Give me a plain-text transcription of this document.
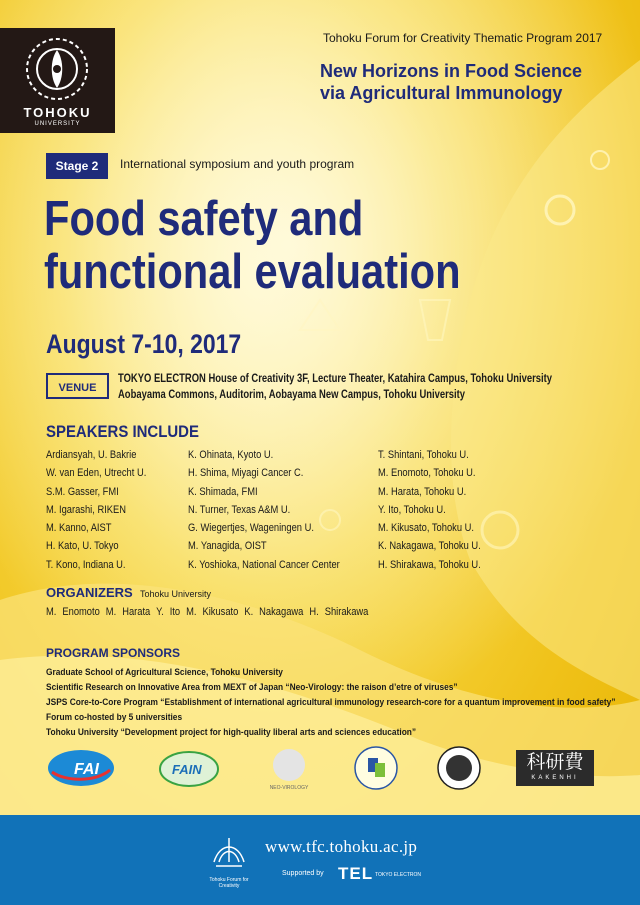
TOHOKU
UNIVERSITY
Tohoku Forum for Creativity Thematic Program 2017
New Horizons in Food Science
via Agricultural Immunology
Stage 2	International symposium and youth program
Food safety and
functional evaluation
August 7-10, 2017
VENUE
TOKYO ELECTRON House of Creativity 3F, Lecture Theater, Katahira Campus, Tohoku University
Aobayama Commons, Auditorim, Aobayama New Campus, Tohoku University
SPEAKERS INCLUDE
Ardiansyah, U. Bakrie
W. van Eden, Utrecht U.
S.M. Gasser, FMI
M. Igarashi, RIKEN
M. Kanno, AIST
H. Kato, U. Tokyo
T. Kono, Indiana U.
K. Ohinata, Kyoto U.
H. Shima, Miyagi Cancer C.
K. Shimada, FMI
N. Turner, Texas A&M U.
G. Wiegertjes, Wageningen U.
M. Yanagida, OIST
K. Yoshioka, National Cancer Center
T. Shintani, Tohoku U.
M. Enomoto, Tohoku U.
M. Harata, Tohoku U.
Y. Ito, Tohoku U.
M. Kikusato, Tohoku U.
K. Nakagawa, Tohoku U.
H. Shirakawa, Tohoku U.
ORGANIZERS Tohoku University
M. Enomoto M. Harata Y. Ito M. Kikusato K. Nakagawa H. Shirakawa
PROGRAM SPONSORS
Graduate School of Agricultural Science, Tohoku University
Scientific Research on Innovative Area from MEXT of Japan “Neo-Virology: the raison d’etre of viruses”
JSPS Core-to-Core Program “Establishment of international agricultural immunology research-core for a quantum improvement in food safety”
Forum co-hosted by 5 universities
Tohoku University “Development project for high-quality liberal arts and sciences education”
FAI	FAIN
NEO-VIROLOGY
科研費
KAKENHI
Tohoku Forum for Creativity
www.tfc.tohoku.ac.jp
Supported by TEL TOKYO ELECTRON
